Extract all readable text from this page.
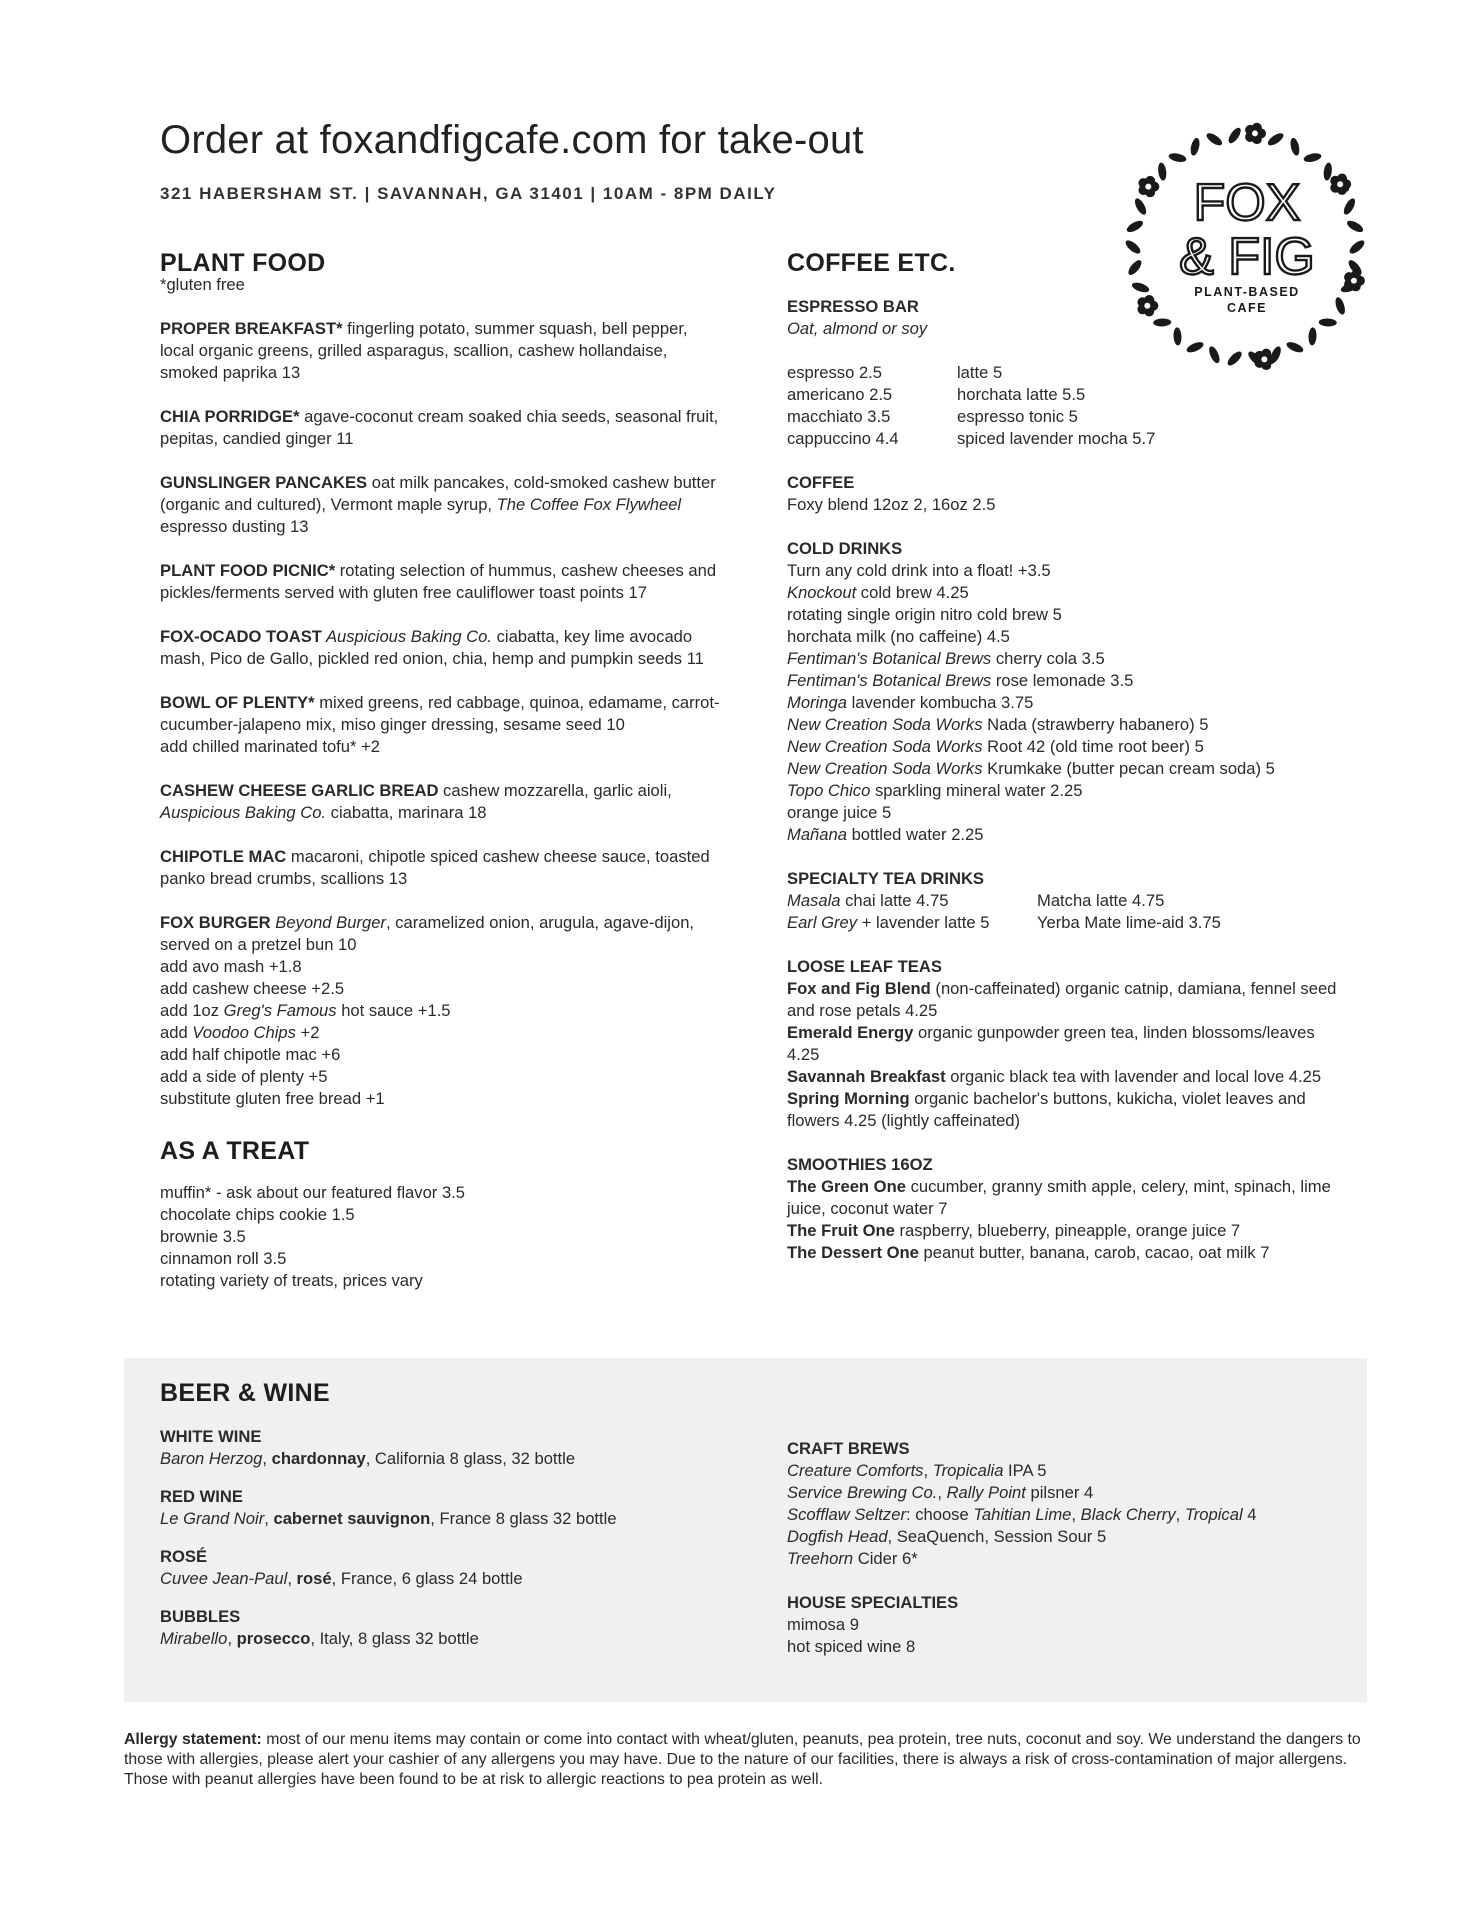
Order at foxandfigcafe.com for take-out
321 HABERSHAM ST. | SAVANNAH, GA 31401 | 10AM - 8PM DAILY	FOX
& FIG
PLANT-BASED
CAFE
PLANT FOOD
*gluten free
PROPER BREAKFAST* fingerling potato, summer squash, bell pepper, local organic greens, grilled asparagus, scallion, cashew hollandaise, smoked paprika 13
CHIA PORRIDGE* agave-coconut cream soaked chia seeds, seasonal fruit, pepitas, candied ginger 11
GUNSLINGER PANCAKES oat milk pancakes, cold-smoked cashew butter (organic and cultured), Vermont maple syrup, The Coffee Fox Flywheel espresso dusting 13
PLANT FOOD PICNIC* rotating selection of hummus, cashew cheeses and pickles/ferments served with gluten free cauliflower toast points 17
FOX-OCADO TOAST Auspicious Baking Co. ciabatta, key lime avocado mash, Pico de Gallo, pickled red onion, chia, hemp and pumpkin seeds 11
BOWL OF PLENTY* mixed greens, red cabbage, quinoa, edamame, carrot-cucumber-jalapeno mix, miso ginger dressing, sesame seed 10
add chilled marinated tofu* +2
CASHEW CHEESE GARLIC BREAD cashew mozzarella, garlic aioli,
Auspicious Baking Co. ciabatta, marinara 18
CHIPOTLE MAC macaroni, chipotle spiced cashew cheese sauce, toasted panko bread crumbs, scallions 13
FOX BURGER Beyond Burger, caramelized onion, arugula, agave-dijon, served on a pretzel bun 10
add avo mash +1.8
add cashew cheese +2.5
add 1oz Greg's Famous hot sauce +1.5
add Voodoo Chips +2
add half chipotle mac +6
add a side of plenty +5
substitute gluten free bread +1
AS A TREAT
muffin* - ask about our featured flavor 3.5
chocolate chips cookie 1.5
brownie 3.5
cinnamon roll 3.5
rotating variety of treats, prices vary
COFFEE ETC.
ESPRESSO BAR
Oat, almond or soy
espresso 2.5
americano 2.5
macchiato 3.5
cappuccino 4.4
latte 5
horchata latte 5.5
espresso tonic 5
spiced lavender mocha 5.7
COFFEE
Foxy blend 12oz 2, 16oz 2.5
COLD DRINKS
Turn any cold drink into a float! +3.5
Knockout cold brew 4.25
rotating single origin nitro cold brew 5
horchata milk (no caffeine) 4.5
Fentiman's Botanical Brews cherry cola 3.5
Fentiman's Botanical Brews rose lemonade 3.5
Moringa lavender kombucha 3.75
New Creation Soda Works Nada (strawberry habanero) 5
New Creation Soda Works Root 42 (old time root beer) 5
New Creation Soda Works Krumkake (butter pecan cream soda) 5
Topo Chico sparkling mineral water 2.25
orange juice 5
Mañana bottled water 2.25
SPECIALTY TEA DRINKS
Masala chai latte 4.75
Earl Grey + lavender latte 5
Matcha latte 4.75
Yerba Mate lime-aid 3.75
LOOSE LEAF TEAS
Fox and Fig Blend (non-caffeinated) organic catnip, damiana, fennel seed and rose petals 4.25
Emerald Energy organic gunpowder green tea, linden blossoms/leaves 4.25
Savannah Breakfast organic black tea with lavender and local love 4.25
Spring Morning organic bachelor's buttons, kukicha, violet leaves and flowers 4.25 (lightly caffeinated)
SMOOTHIES 16OZ
The Green One cucumber, granny smith apple, celery, mint, spinach, lime juice, coconut water 7
The Fruit One raspberry, blueberry, pineapple, orange juice 7
The Dessert One peanut butter, banana, carob, cacao, oat milk 7
BEER & WINE
WHITE WINE
Baron Herzog, chardonnay, California 8 glass, 32 bottle
RED WINE
Le Grand Noir, cabernet sauvignon, France 8 glass 32 bottle
ROSÉ
Cuvee Jean-Paul, rosé, France, 6 glass 24 bottle
BUBBLES
Mirabello, prosecco, Italy, 8 glass 32 bottle
CRAFT BREWS
Creature Comforts, Tropicalia IPA 5
Service Brewing Co., Rally Point pilsner 4
Scofflaw Seltzer: choose Tahitian Lime, Black Cherry, Tropical 4
Dogfish Head, SeaQuench, Session Sour 5
Treehorn Cider 6*
HOUSE SPECIALTIES
mimosa 9
hot spiced wine 8
Allergy statement: most of our menu items may contain or come into contact with wheat/gluten, peanuts, pea protein, tree nuts, coconut and soy. We understand the dangers to those with allergies, please alert your cashier of any allergens you may have. Due to the nature of our facilities, there is always a risk of cross-contamination of major allergens. Those with peanut allergies have been found to be at risk to allergic reactions to pea protein as well.
